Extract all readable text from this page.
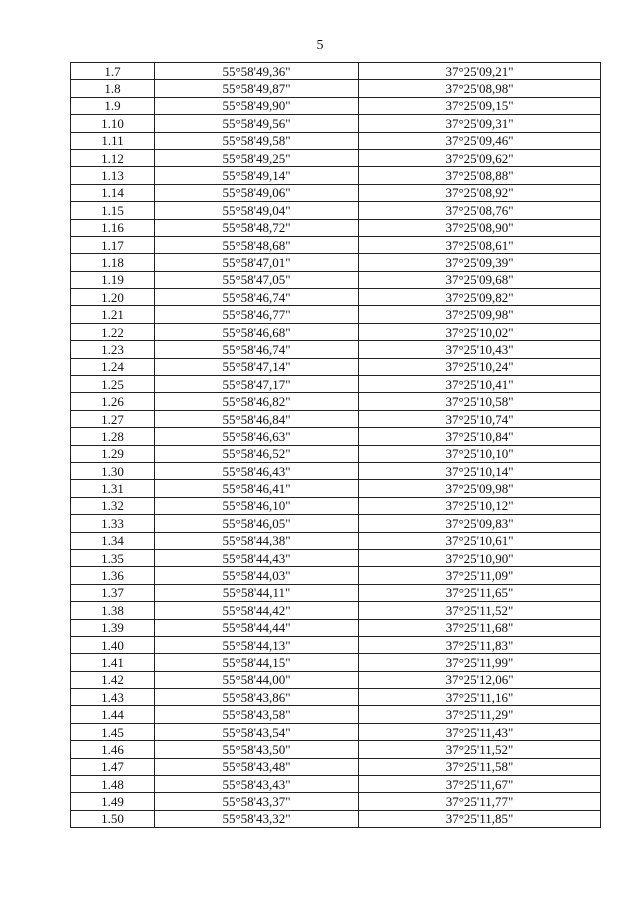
5
1.7	55°58'49,36"	37°25'09,21"
1.8	55°58'49,87"	37°25'08,98"
1.9	55°58'49,90"	37°25'09,15"
1.10	55°58'49,56"	37°25'09,31"
1.11	55°58'49,58"	37°25'09,46"
1.12	55°58'49,25"	37°25'09,62"
1.13	55°58'49,14"	37°25'08,88"
1.14	55°58'49,06"	37°25'08,92"
1.15	55°58'49,04"	37°25'08,76"
1.16	55°58'48,72"	37°25'08,90"
1.17	55°58'48,68"	37°25'08,61"
1.18	55°58'47,01"	37°25'09,39"
1.19	55°58'47,05"	37°25'09,68"
1.20	55°58'46,74"	37°25'09,82"
1.21	55°58'46,77"	37°25'09,98"
1.22	55°58'46,68"	37°25'10,02"
1.23	55°58'46,74"	37°25'10,43"
1.24	55°58'47,14"	37°25'10,24"
1.25	55°58'47,17"	37°25'10,41"
1.26	55°58'46,82"	37°25'10,58"
1.27	55°58'46,84"	37°25'10,74"
1.28	55°58'46,63"	37°25'10,84"
1.29	55°58'46,52"	37°25'10,10"
1.30	55°58'46,43"	37°25'10,14"
1.31	55°58'46,41"	37°25'09,98"
1.32	55°58'46,10"	37°25'10,12"
1.33	55°58'46,05"	37°25'09,83"
1.34	55°58'44,38"	37°25'10,61"
1.35	55°58'44,43"	37°25'10,90"
1.36	55°58'44,03"	37°25'11,09"
1.37	55°58'44,11"	37°25'11,65"
1.38	55°58'44,42"	37°25'11,52"
1.39	55°58'44,44"	37°25'11,68"
1.40	55°58'44,13"	37°25'11,83"
1.41	55°58'44,15"	37°25'11,99"
1.42	55°58'44,00"	37°25'12,06"
1.43	55°58'43,86"	37°25'11,16"
1.44	55°58'43,58"	37°25'11,29"
1.45	55°58'43,54"	37°25'11,43"
1.46	55°58'43,50"	37°25'11,52"
1.47	55°58'43,48"	37°25'11,58"
1.48	55°58'43,43"	37°25'11,67"
1.49	55°58'43,37"	37°25'11,77"
1.50	55°58'43,32"	37°25'11,85"
